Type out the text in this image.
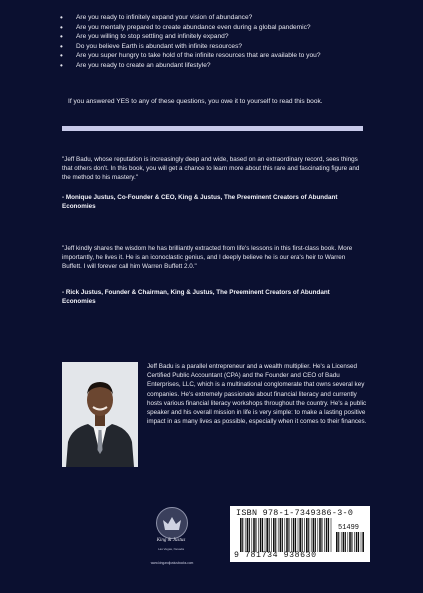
• Are you ready to infinitely expand your vision of abundance?
• Are you mentally prepared to create abundance even during a global pandemic?
• Are you willing to stop settling and infinitely expand?
• Do you believe Earth is abundant with infinite resources?
• Are you super hungry to take hold of the infinite resources that are available to you?
• Are you ready to create an abundant lifestyle?
If you answered YES to any of these questions, you owe it to yourself to read this book.
"Jeff Badu, whose reputation is increasingly deep and wide, based on an extraordinary record, sees things that others don't. In this book, you will get a chance to learn more about this rare and fascinating figure and the method to his mastery."
- Monique Justus, Co-Founder & CEO, King & Justus, The Preeminent Creators of Abundant Economies
"Jeff kindly shares the wisdom he has brilliantly extracted from life's lessons in this first-class book. More importantly, he lives it. He is an iconoclastic genius, and I deeply believe he is our era's heir to Warren Buffett. I will forever call him Warren Buffett 2.0."
- Rick Justus, Founder & Chairman, King & Justus, The Preeminent Creators of Abundant Economies
Jeff Badu is a parallel entrepreneur and a wealth multiplier. He's a Licensed Certified Public Accountant (CPA) and the Founder and CEO of Badu Enterprises, LLC, which is a multinational conglomerate that owns several key companies. He's extremely passionate about financial literacy and currently hosts various financial literacy workshops throughout the country. He's a public speaker and his overall mission in life is very simple: to make a lasting positive impact in as many lives as possible, especially when it comes to their finances.
King & Justus
Las Vegas, Nevada
www.kingandjustusbooks.com
ISBN 978-1-7349386-3-0
51499
9 781734 938630
